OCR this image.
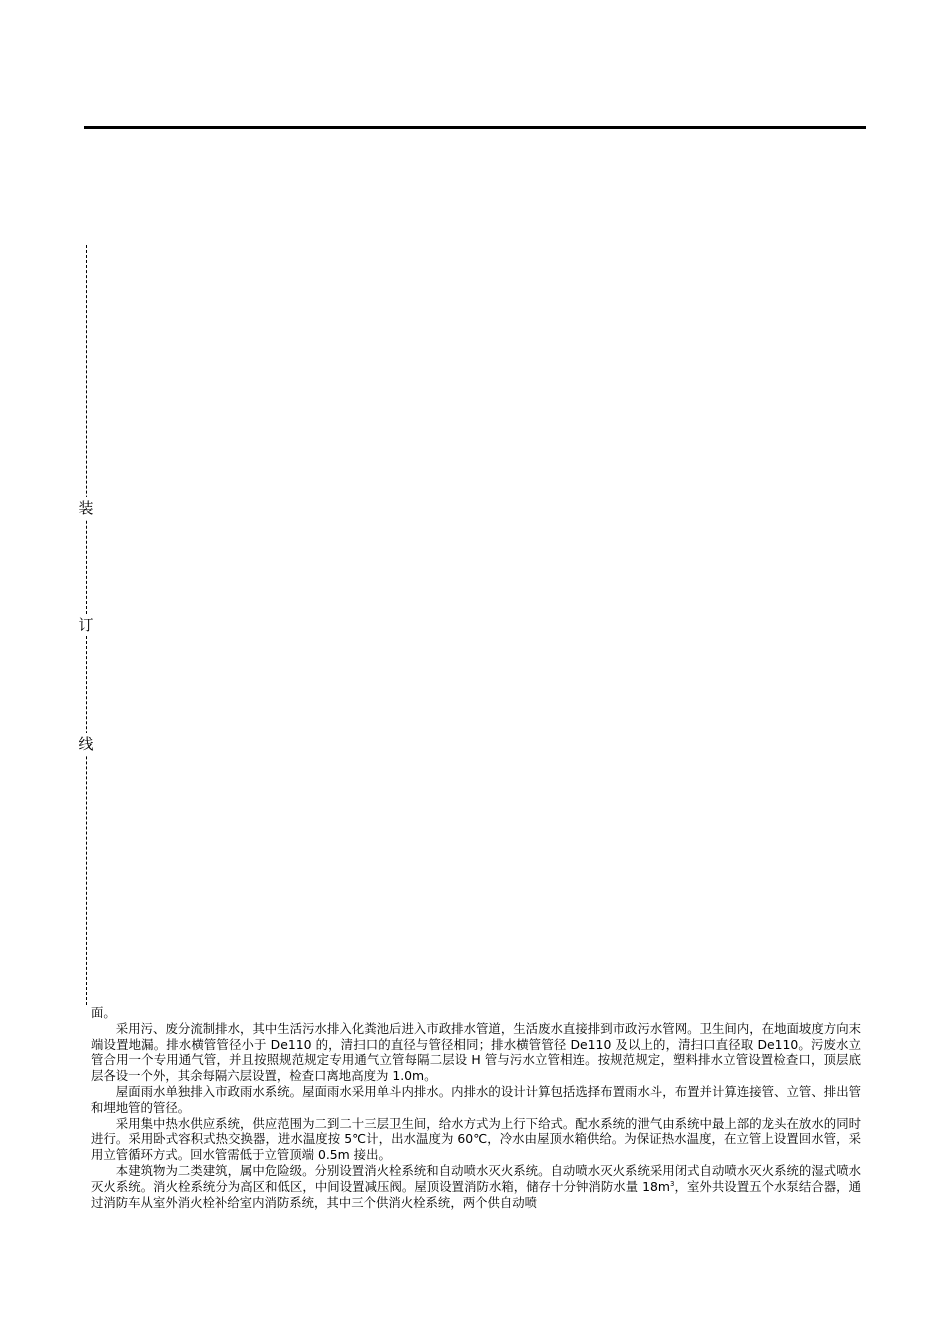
装
订
线

面。

采用污、废分流制排水，其中生活污水排入化粪池后进入市政排水管道，生活废水直接排到市政污水管网。卫生间内，在地面坡度方向末端设置地漏。排水横管管径小于 De110 的，清扫口的直径与管径相同；排水横管管径 De110 及以上的，清扫口直径取 De110。污废水立管合用一个专用通气管，并且按照规范规定专用通气立管每隔二层设 H 管与污水立管相连。按规范规定，塑料排水立管设置检查口，顶层底层各设一个外，其余每隔六层设置，检查口离地高度为 1.0m。

屋面雨水单独排入市政雨水系统。屋面雨水采用单斗内排水。内排水的设计计算包括选择布置雨水斗，布置并计算连接管、立管、排出管和埋地管的管径。

采用集中热水供应系统，供应范围为二到二十三层卫生间，给水方式为上行下给式。配水系统的泄气由系统中最上部的龙头在放水的同时进行。采用卧式容积式热交换器，进水温度按 5℃计，出水温度为 60℃，冷水由屋顶水箱供给。为保证热水温度，在立管上设置回水管，采用立管循环方式。回水管需低于立管顶端 0.5m 接出。

本建筑物为二类建筑，属中危险级。分别设置消火栓系统和自动喷水灭火系统。自动喷水灭火系统采用闭式自动喷水灭火系统的湿式喷水灭火系统。消火栓系统分为高区和低区，中间设置减压阀。屋顶设置消防水箱，储存十分钟消防水量 $18m^3$，室外共设置五个水泵结合器，通过消防车从室外消火栓补给室内消防系统，其中三个供消火栓系统，两个供自动喷
